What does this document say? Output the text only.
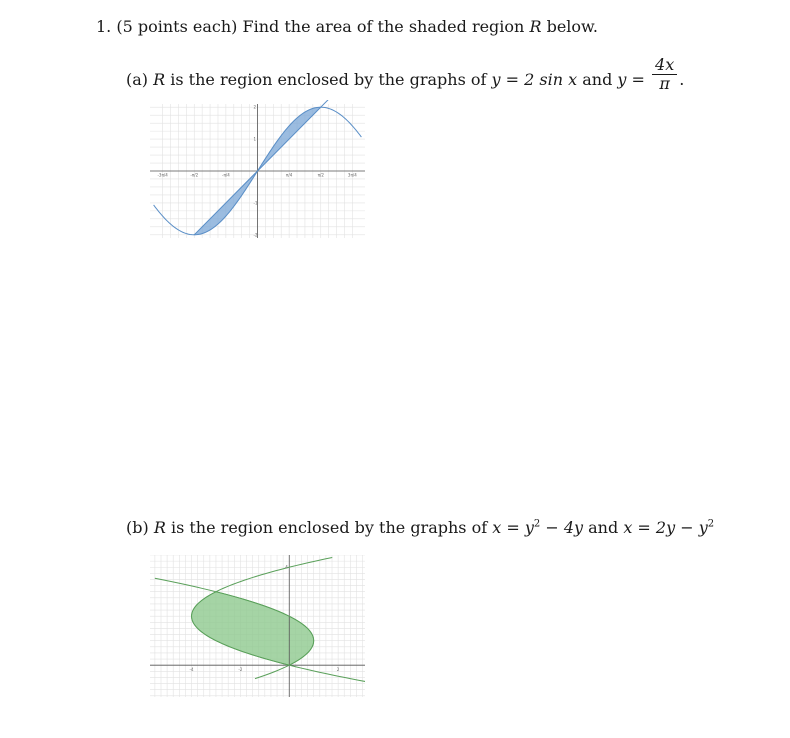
1. (5 points each) Find the area of the shaded region R below.
(a) R is the region enclosed by the graphs of y = 2 sin x and $y = \frac{4x}{\pi}$ .
-3π/4	-π/2	-π/4	π/4	π/2	3π/4
2
1
-1
-2
(b) R is the region enclosed by the graphs of $x = y^2 - 4y$ and $x = 2y - y^2$
-4	-2	2
4
